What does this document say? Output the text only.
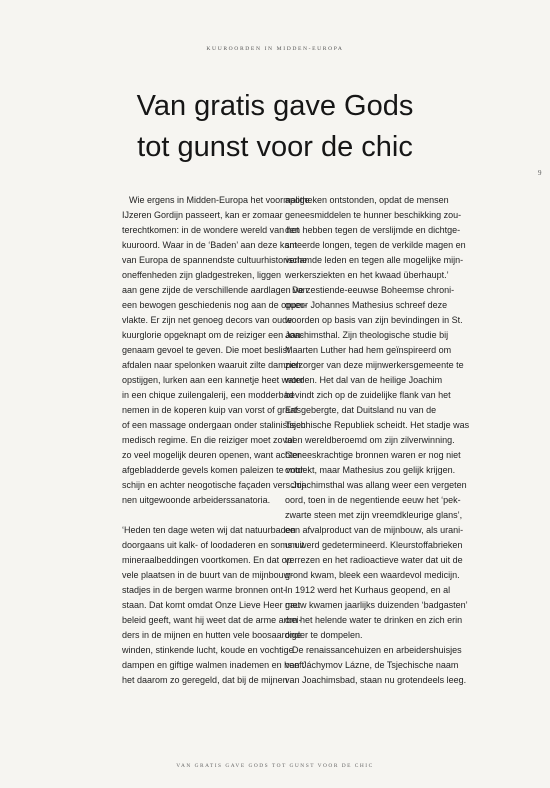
KUUROORDEN IN MIDDEN-EUROPA
Van gratis gave Gods
tot gunst voor de chic
9

Wie ergens in Midden-Europa het voormalige
IJzeren Gordijn passeert, kan er zomaar
terechtkomen: in de wondere wereld van het
kuuroord. Waar in de ‘Baden’ aan deze kant
van Europa de spannendste cultuurhistorische
oneffenheden zijn gladgestreken, liggen
aan gene zijde de verschillende aardlagen van
een bewogen geschiedenis nog aan de opper-
vlakte. Er zijn net genoeg decors van oude
kuurglorie opgeknapt om de reiziger een aan-
genaam gevoel te geven. Die moet beslist
afdalen naar spelonken waaruit zilte dampen
opstijgen, lurken aan een kannetje heet water
in een chique zuilengalerij, een modderbad
nemen in de koperen kuip van vorst of graaf
of een massage ondergaan onder stalinistisch
medisch regime. En die reiziger moet zoval
zo veel mogelijk deuren openen, want achter
afgebladderde gevels komen paleizen te voor-
schijn en achter neogotische façaden verschij-
nen uitgewoonde arbeiderssanatoria.

‘Heden ten dage weten wij dat natuurbaden
doorgaans uit kalk- of loodaderen en soms uit
mineraalbeddingen voortkomen. En dat op
vele plaatsen in de buurt van de mijnbouw-
stadjes in de bergen warme bronnen ont-
staan. Dat komt omdat Onze Lieve Heer met
beleid geeft, want hij weet dat de arme arbei-
ders in de mijnen en hutten vele boosaardige
winden, stinkende lucht, koude en vochtige
dampen en giftige walmen inademen en heeft
het daarom zo geregeld, dat bij de mijnen

apotheken ontstonden, opdat de mensen
geneesmiddelen te hunner beschikking zou-
den hebben tegen de verslijmde en dichtge-
smeerde longen, tegen de verkilde magen en
verlamde leden en tegen alle mogelijke mijn-
werkersziekten en het kwaad überhaupt.’

De zestiende-eeuwse Boheemse chroni-
queur Johannes Mathesius schreef deze
woorden op basis van zijn bevindingen in St.
Joachimsthal. Zijn theologische studie bij
Maarten Luther had hem geïnspireerd om
zielzorger van deze mijnwerkersgemeente te
worden. Het dal van de heilige Joachim
bevindt zich op de zuidelijke flank van het
Ertsgebergte, dat Duitsland nu van de
Tsjechische Republiek scheidt. Het stadje was
toen wereldberoemd om zijn zilverwinning.
Geneeskrachtige bronnen waren er nog niet
ontdekt, maar Mathesius zou gelijk krijgen.

Joachimsthal was allang weer een vergeten
oord, toen in de negentiende eeuw het ‘pek-
zwarte steen met zijn vreemdkleurige glans’,
een afvalproduct van de mijnbouw, als urani-
um werd gedetermineerd. Kleurstoffabrieken
verrezen en het radioactieve water dat uit de
grond kwam, bleek een waardevol medicijn.
In 1912 werd het Kurhaus geopend, en al
gauw kwamen jaarlijks duizenden ‘badgasten’
om het helende water te drinken en zich erin
onder te dompelen.

De renaissancehuizen en arbeidershuisjes
van Jáchymov Lázne, de Tsjechische naam
van Joachimsbad, staan nu grotendeels leeg.

VAN GRATIS GAVE GODS TOT GUNST VOOR DE CHIC
